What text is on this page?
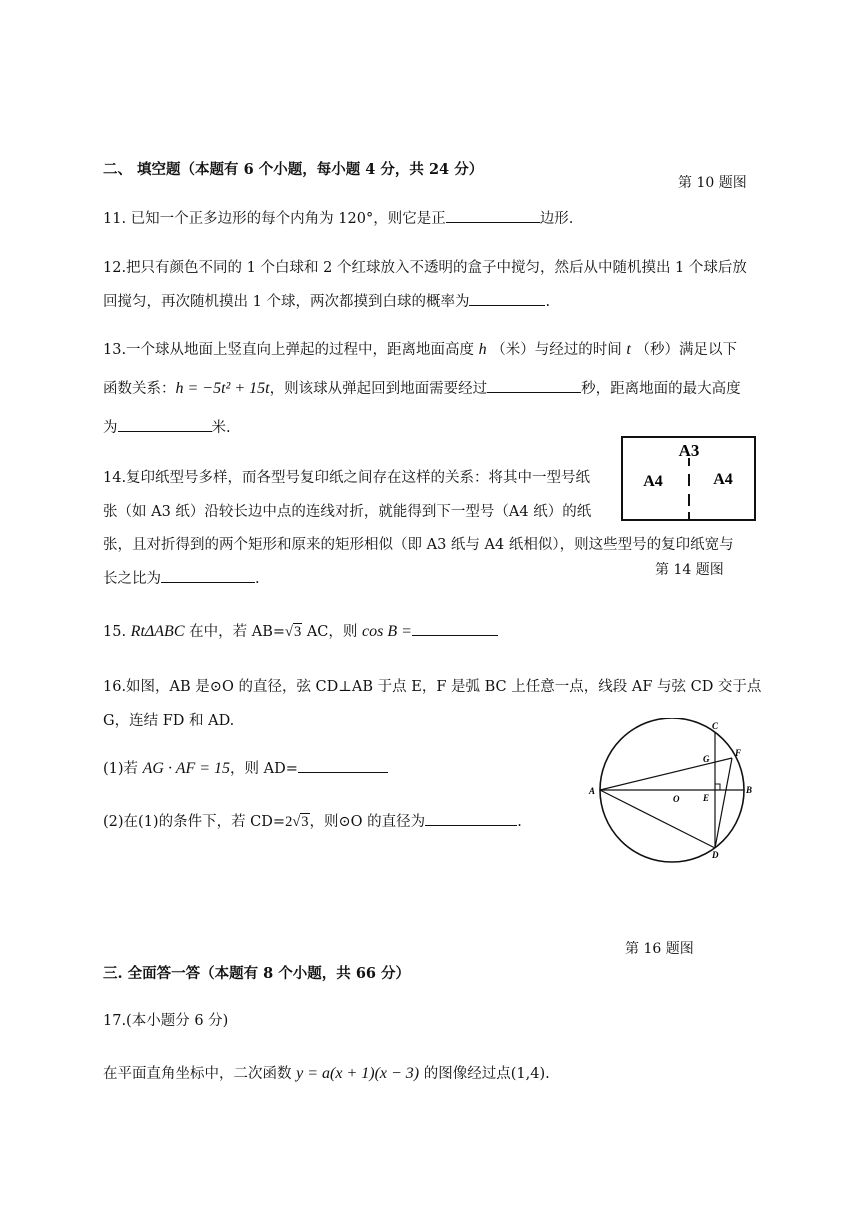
二、 填空题（本题有 6 个小题，每小题 4 分，共 24 分）
第 10 题图
11. 已知一个正多边形的每个内角为 120°，则它是正	边形.
12.把只有颜色不同的 1 个白球和 2 个红球放入不透明的盒子中搅匀，然后从中随机摸出 1 个球后放
回搅匀，再次随机摸出 1 个球，两次都摸到白球的概率为	.
13.一个球从地面上竖直向上弹起的过程中，距离地面高度 h （米）与经过的时间 t （秒）满足以下
函数关系：h = −5t² + 15t，则该球从弹起回到地面需要经过	秒，距离地面的最大高度
为	米.
14.复印纸型号多样，而各型号复印纸之间存在这样的关系：将其中一型号纸
张（如 A3 纸）沿较长边中点的连线对折，就能得到下一型号（A4 纸）的纸
张，且对折得到的两个矩形和原来的矩形相似（即 A3 纸与 A4 纸相似），则这些型号的复印纸宽与
长之比为	.
A3
A4	A4
第 14 题图
15. RtΔABC 在中，若 AB=√3 AC，则 cos B =
16.如图，AB 是⊙O 的直径，弦 CD⊥AB 于点 E，F 是弧 BC 上任意一点，线段 AF 与弦 CD 交于点
G，连结 FD 和 AD.
(1)若 AG · AF = 15，则 AD=
(2)在(1)的条件下，若 CD=2√3，则⊙O 的直径为	.
A	B
C
D
E
F
G
O
第 16 题图
三. 全面答一答（本题有 8 个小题，共 66 分）
17.(本小题分 6 分)
在平面直角坐标中，二次函数 y = a(x + 1)(x − 3) 的图像经过点(1,4).
